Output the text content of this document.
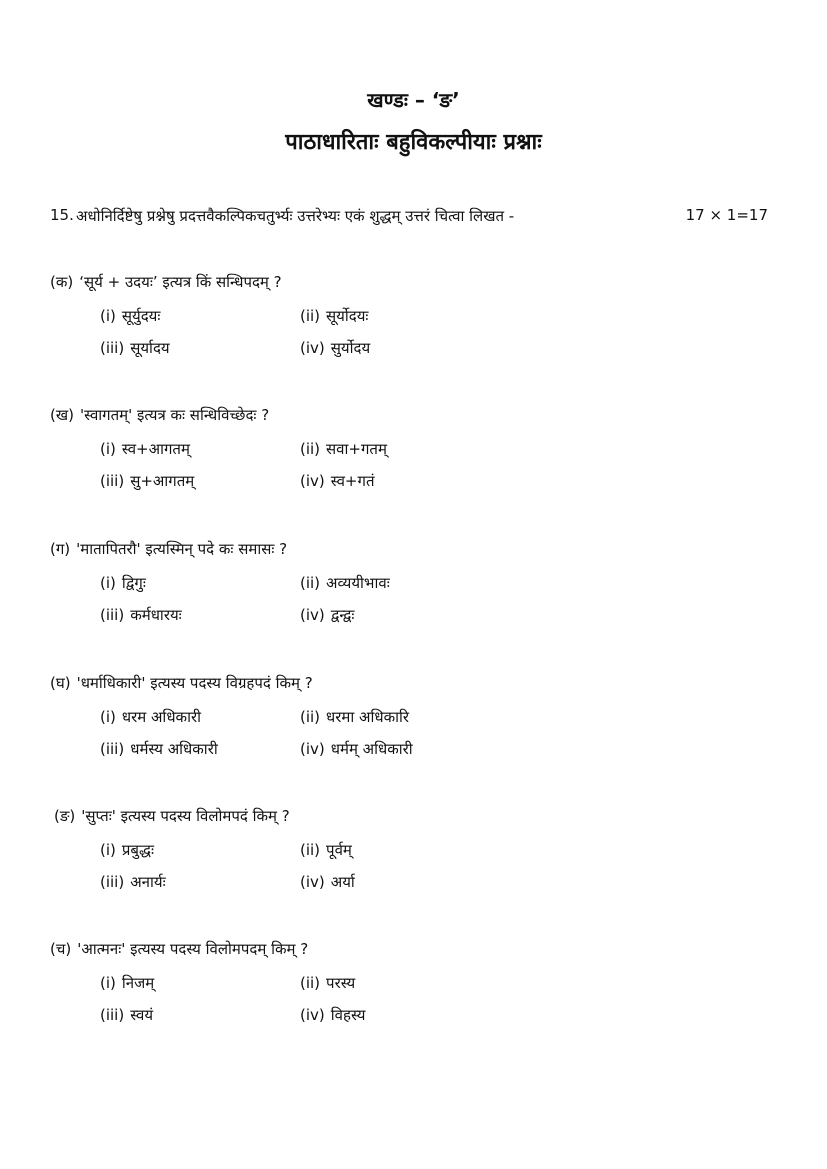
खण्डः – ‘ङ’
पाठाधारिताः बहुविकल्पीयाः प्रश्नाः
15. अधोनिर्दिष्टेषु प्रश्नेषु प्रदत्तवैकल्पिकचतुर्भ्यः उत्तरेभ्यः एकं शुद्धम् उत्तरं चित्वा लिखत -	17 × 1=17
(क) ‘सूर्य + उदयः’ इत्यत्र किं सन्धिपदम् ?
(i) सूर्युदयः	(ii) सूर्योदयः
(iii) सूर्यादय	(iv) सुर्योदय
(ख) 'स्वागतम्' इत्यत्र कः सन्धिविच्छेदः ?
(i) स्व+आगतम्	(ii) सवा+गतम्
(iii) सु+आगतम्	(iv) स्व+गतं
(ग) 'मातापितरौ' इत्यस्मिन् पदे कः समासः ?
(i) द्विगुः	(ii) अव्ययीभावः
(iii) कर्मधारयः	(iv) द्वन्द्वः
(घ) 'धर्माधिकारी' इत्यस्य पदस्य विग्रहपदं किम् ?
(i) धरम अधिकारी	(ii) धरमा अधिकारि
(iii) धर्मस्य अधिकारी	(iv) धर्मम् अधिकारी
(ङ) 'सुप्तः' इत्यस्य पदस्य विलोमपदं किम् ?
(i) प्रबुद्धः	(ii) पूर्वम्
(iii) अनार्यः	(iv) अर्या
(च) 'आत्मनः' इत्यस्य पदस्य विलोमपदम् किम् ?
(i) निजम्	(ii) परस्य
(iii) स्वयं	(iv) विहस्य
